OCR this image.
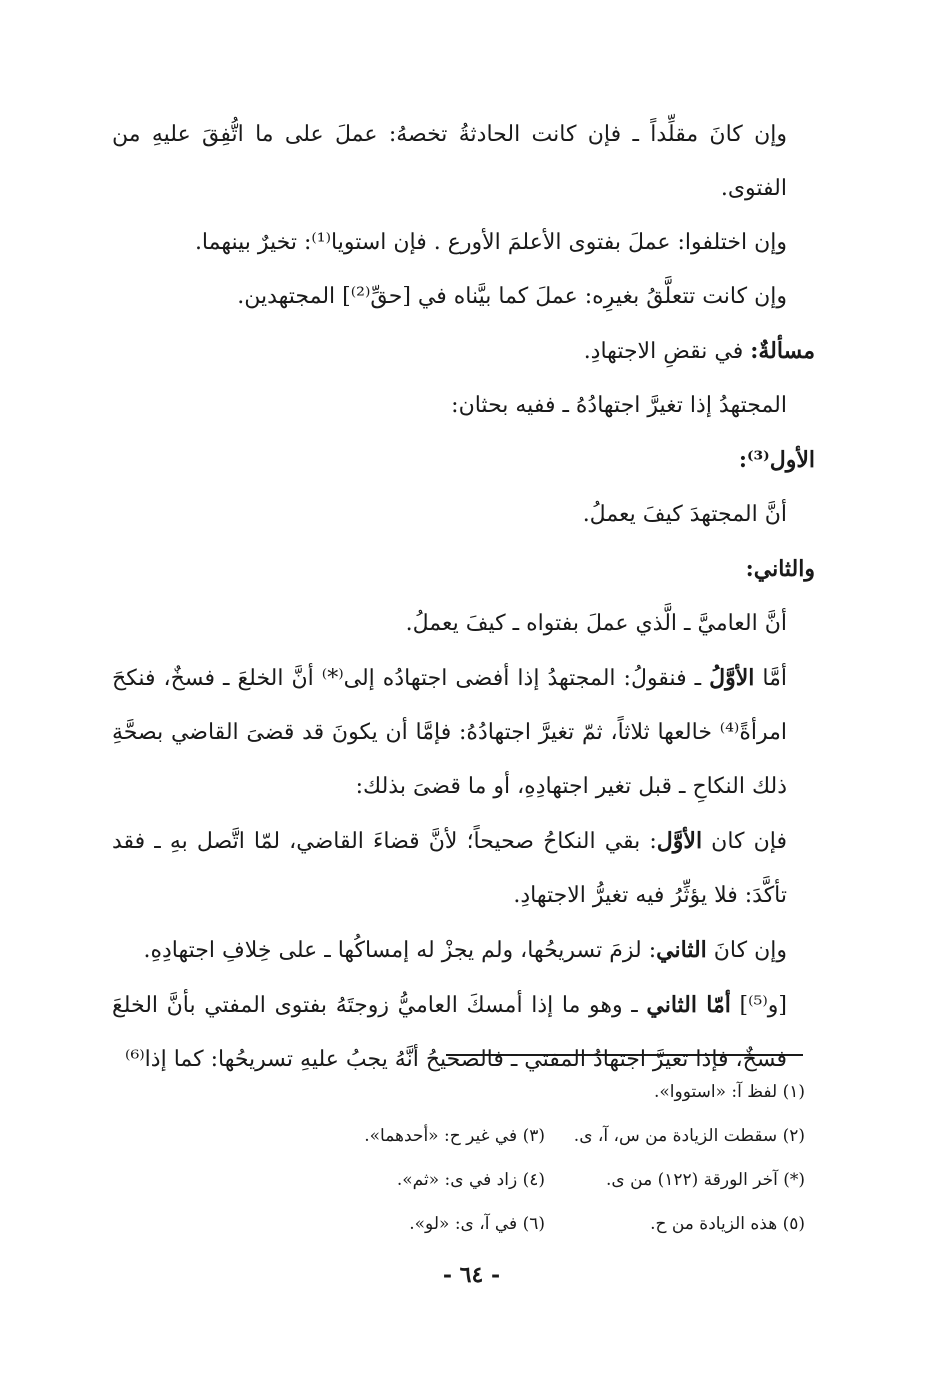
وإن كانَ مقلِّداً ـ فإن كانت الحادثةُ تخصهُ: عملَ على ما اتُّفِقَ عليهِ من الفتوى.

وإن اختلفوا: عملَ بفتوى الأعلمَ الأورع . فإن استويا⁽¹⁾: تخيرٌ بينهما.

وإن كانت تتعلَّقُ بغيرِه: عملَ كما بيَّناه في [حقِّ⁽²⁾] المجتهدين.

مسألةٌ: في نقضِ الاجتهادِ.

المجتهدُ إذا تغيرَّ اجتهادُهُ ـ ففيه بحثان:

الأول⁽³⁾:

أنَّ المجتهدَ كيفَ يعملُ.

والثاني:

أنَّ العاميَّ ـ الَّذي عملَ بفتواه ـ كيفَ يعملُ.

أمَّا الأوَّلُ ـ فنقولُ: المجتهدُ إذا أفضى اجتهادُه إلى⁽*⁾ أنَّ الخلعَ ـ فسخٌ، فنكحَ امرأةً⁽⁴⁾ خالعها ثلاثاً، ثمّ تغيرَّ اجتهادُهُ: فإمَّا أن يكونَ قد قضىَ القاضي بصحَّةِ ذلك النكاحِ ـ قبل تغير اجتهادِهِ، أو ما قضىَ بذلك:

فإن كان الأوَّل: بقي النكاحُ صحيحاً؛ لأنَّ قضاءَ القاضي، لمّا اتَّصل بهِ ـ فقد تأكَّدَ: فلا يؤثِّرُ فيه تغيرُّ الاجتهادِ.

وإن كانَ الثاني: لزمَ تسريحُها، ولم يجزْ له إمساكُها ـ على خِلافِ اجتهادِهِ.

[و⁽⁵⁾] أمّا الثاني ـ وهو ما إذا أمسكَ العاميُّ زوجتَهُ بفتوى المفتي بأنَّ الخلعَ فسخٌ، فإذا تغيرَّ اجتهادُ المفتي ـ فالصحيحُ أنَّهُ يجبُ عليهِ تسريحُها: كما إذا⁽⁶⁾

(١) لفظ آ: «استووا».
(٢) سقطت الزيادة من س، آ، ى.
(٣) في غير ح: «أحدهما».
(*) آخر الورقة (١٢٢) من ى.
(٤) زاد في ى: «ثم».
(٥) هذه الزيادة من ح.
(٦) في آ، ى: «لو».
- ٦٤ -
